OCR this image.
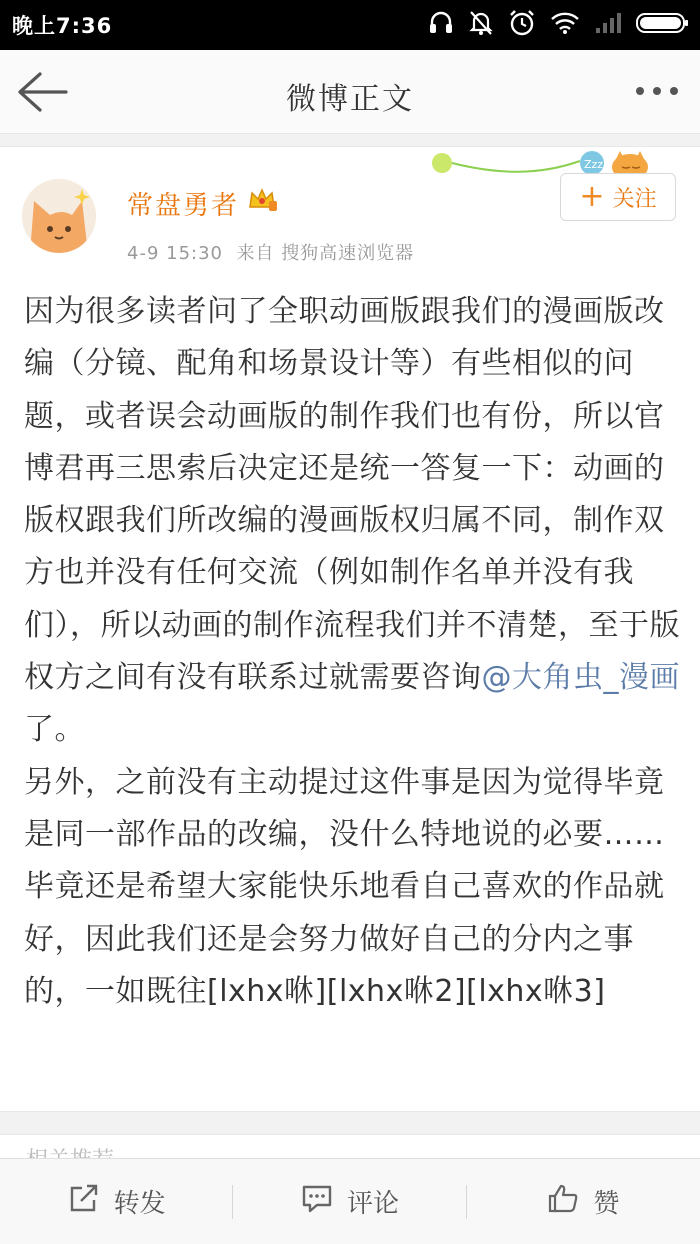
晚上7:36
微博正文
Zzz
常盘勇者
4-9 15:30 来自 搜狗高速浏览器
+ 关注
因为很多读者问了全职动画版跟我们的漫画版改编（分镜、配角和场景设计等）有些相似的问题，或者误会动画版的制作我们也有份，所以官博君再三思索后决定还是统一答复一下：动画的版权跟我们所改编的漫画版权归属不同，制作双方也并没有任何交流（例如制作名单并没有我们），所以动画的制作流程我们并不清楚，至于版权方之间有没有联系过就需要咨询@大角虫_漫画 了。
另外，之前没有主动提过这件事是因为觉得毕竟是同一部作品的改编，没什么特地说的必要……毕竟还是希望大家能快乐地看自己喜欢的作品就好，因此我们还是会努力做好自己的分内之事的，一如既往[lxhx咻][lxhx咻2][lxhx咻3]
转发	评论	赞
